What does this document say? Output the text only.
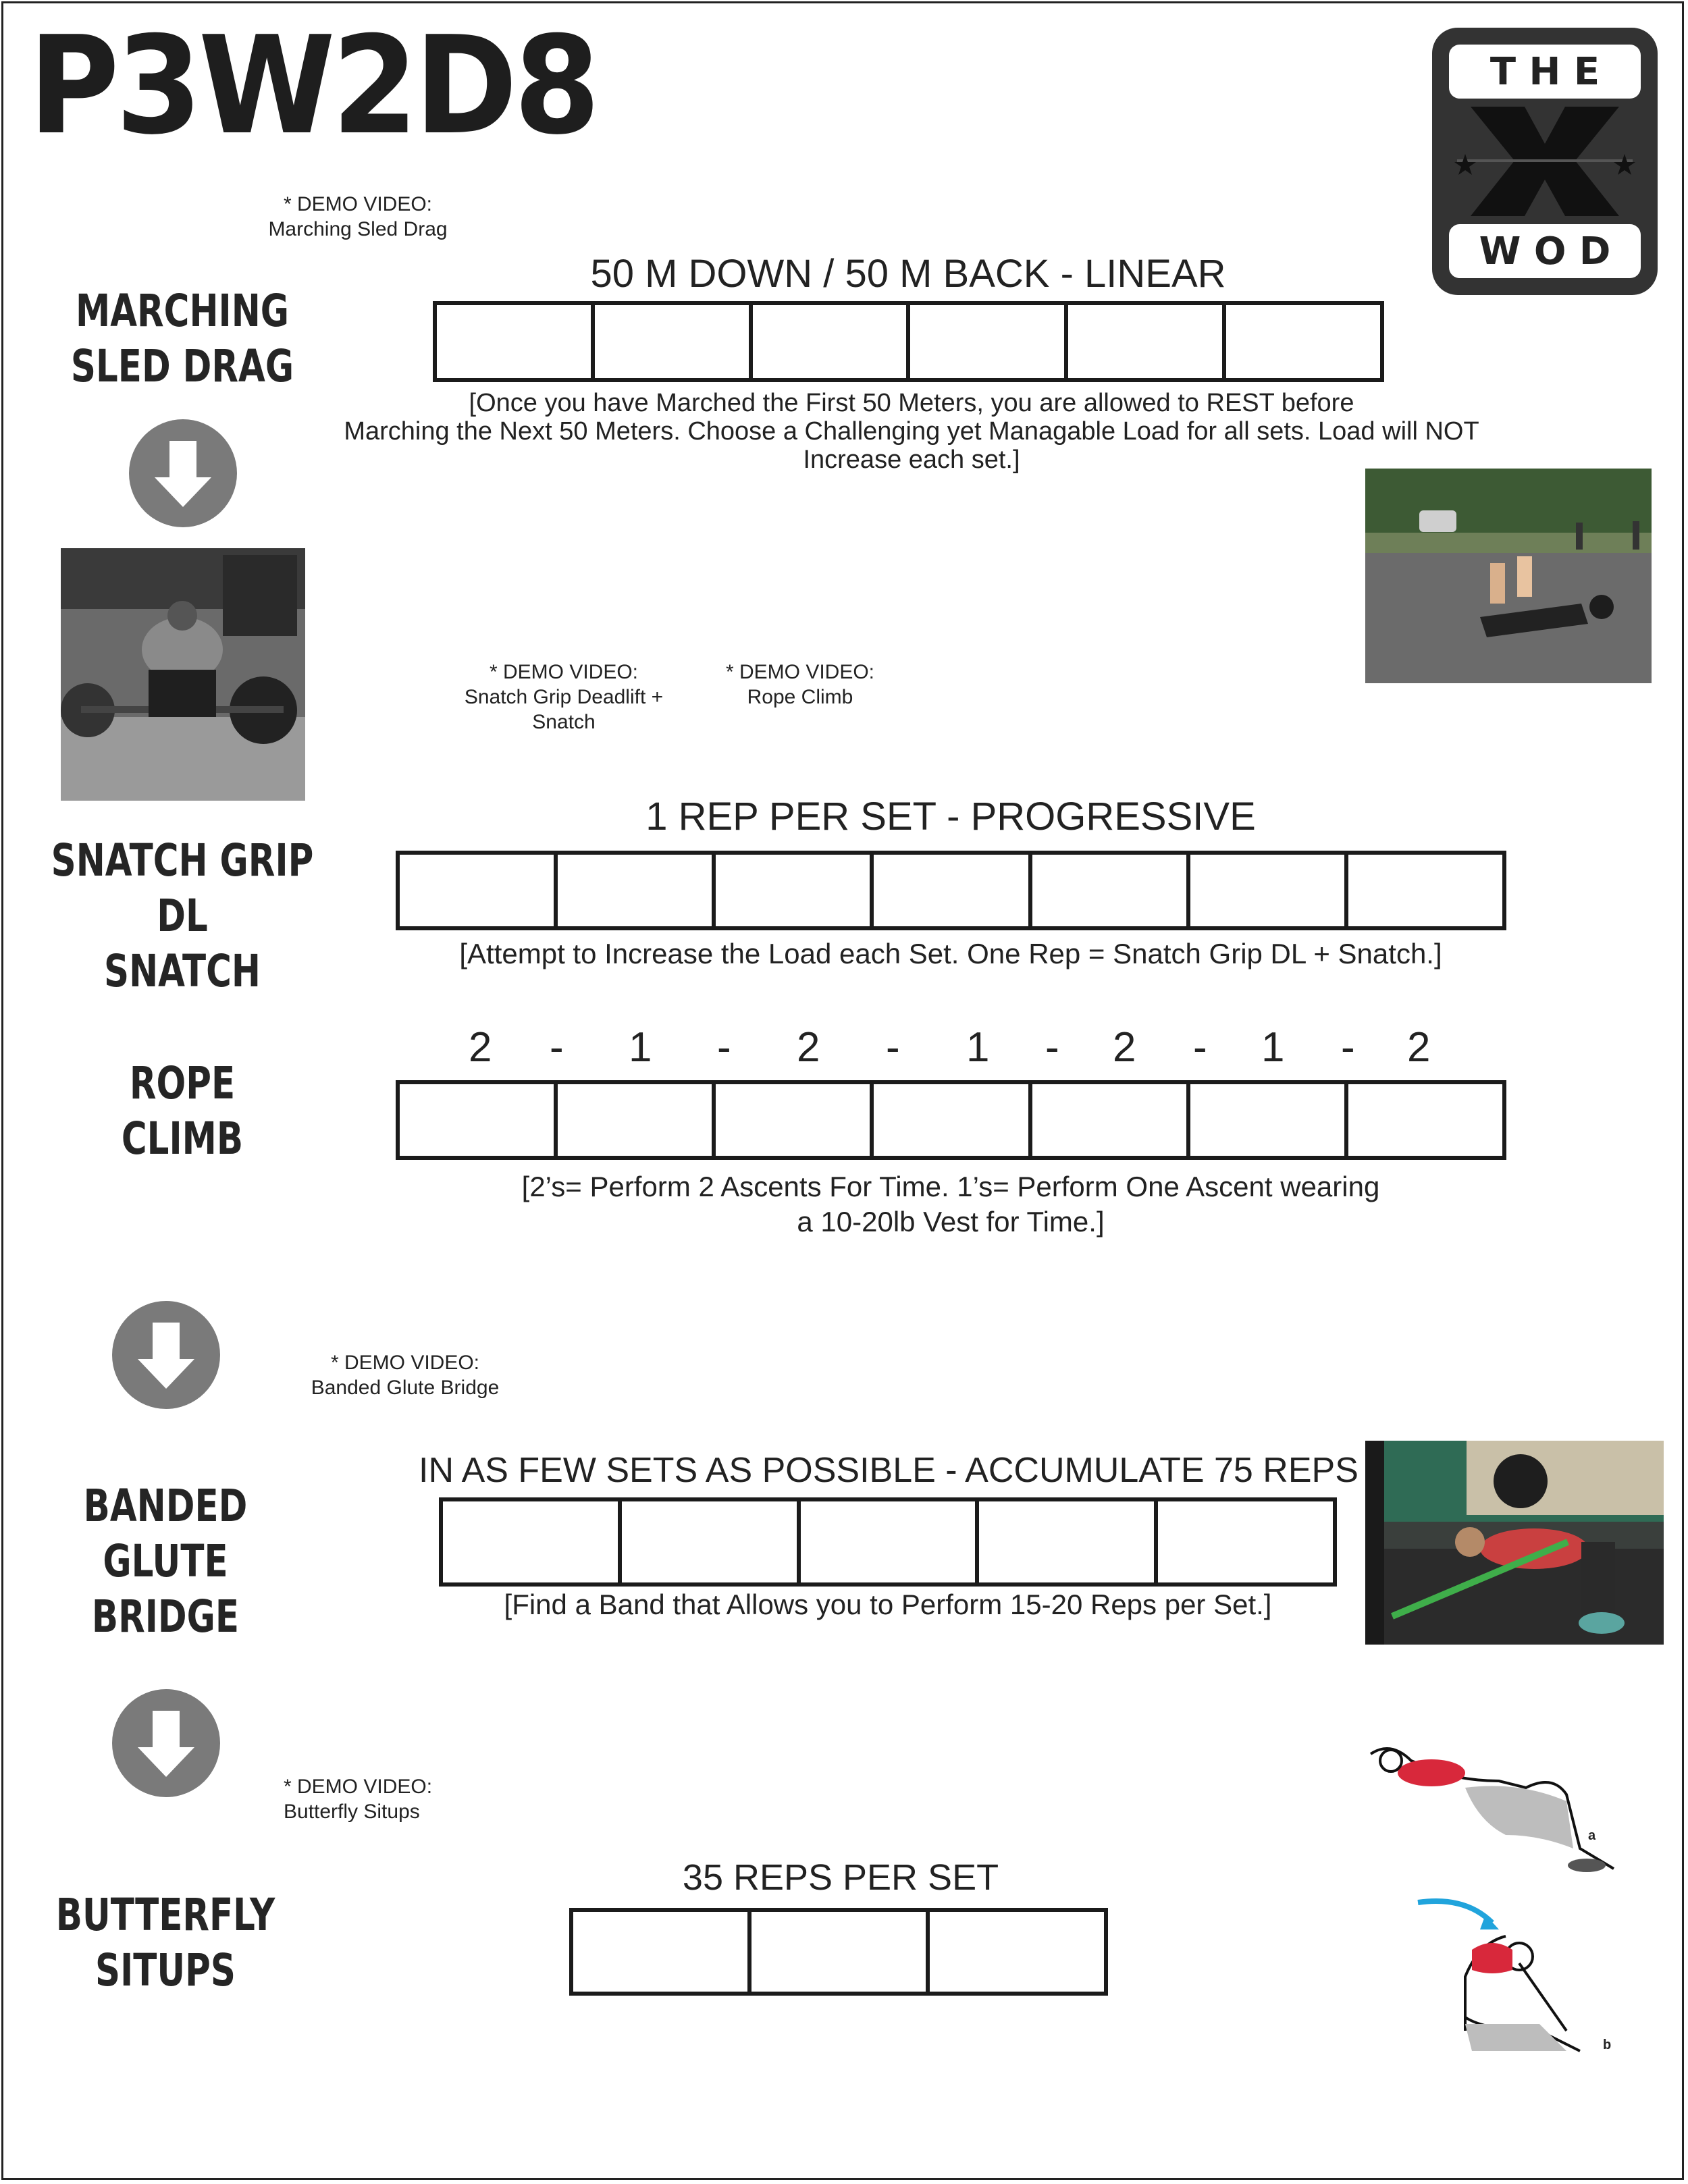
P3W2D8	T H E
W O D
* DEMO VIDEO:
Marching Sled Drag
MARCHING
SLED DRAG
50 M DOWN / 50 M BACK - LINEAR
[Once you have Marched the First 50 Meters, you are allowed to REST before
Marching the Next 50 Meters. Choose a Challenging yet Managable Load for all sets. Load will NOT
Increase each set.]
* DEMO VIDEO:
Snatch Grip Deadlift +
Snatch
* DEMO VIDEO:
Rope Climb
SNATCH GRIP DL
SNATCH
1 REP PER SET - PROGRESSIVE
[Attempt to Increase the Load each Set. One Rep = Snatch Grip DL + Snatch.]
ROPE
CLIMB
2 - 1 - 2 - 1 - 2 - 1 - 2
[2’s= Perform 2 Ascents For Time. 1’s= Perform One Ascent wearing
a 10-20lb Vest for Time.]
* DEMO VIDEO:
Banded Glute Bridge
BANDED
GLUTE BRIDGE
IN AS FEW SETS AS POSSIBLE - ACCUMULATE 75 REPS
[Find a Band that Allows you to Perform 15-20 Reps per Set.]
* DEMO VIDEO:
Butterfly Situps
BUTTERFLY
SITUPS
35 REPS PER SET
a
b
